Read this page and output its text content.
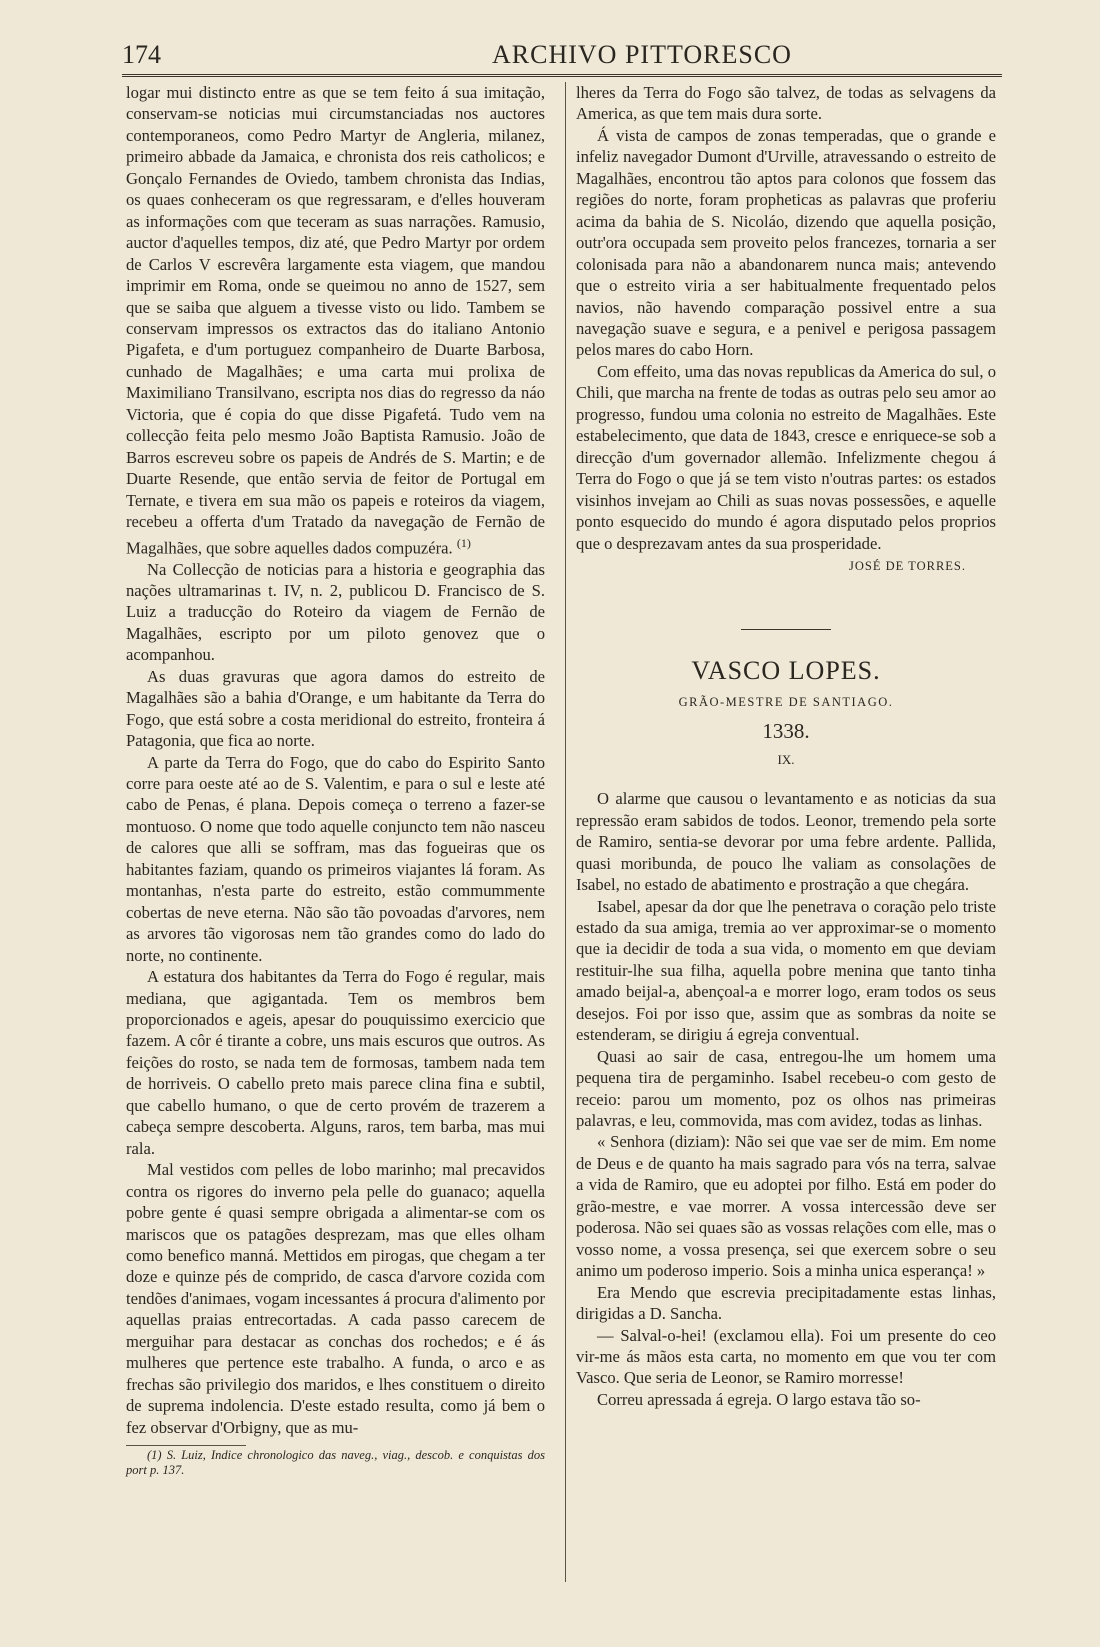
174	ARCHIVO PITTORESCO

logar mui distincto entre as que se tem feito á sua imitação, conservam-se noticias mui circumstanciadas nos auctores contemporaneos, como Pedro Martyr de Angleria, milanez, primeiro abbade da Jamaica, e chronista dos reis catholicos; e Gonçalo Fernandes de Oviedo, tambem chronista das Indias, os quaes conheceram os que regressaram, e d'elles houveram as informações com que teceram as suas narrações. Ramusio, auctor d'aquelles tempos, diz até, que Pedro Martyr por ordem de Carlos V escrevêra largamente esta viagem, que mandou imprimir em Roma, onde se queimou no anno de 1527, sem que se saiba que alguem a tivesse visto ou lido. Tambem se conservam impressos os extractos das do italiano Antonio Pigafeta, e d'um portuguez companheiro de Duarte Barbosa, cunhado de Magalhães; e uma carta mui prolixa de Maximiliano Transilvano, escripta nos dias do regresso da náo Victoria, que é copia do que disse Pigafetá. Tudo vem na collecção feita pelo mesmo João Baptista Ramusio. João de Barros escreveu sobre os papeis de Andrés de S. Martin; e de Duarte Resende, que então servia de feitor de Portugal em Ternate, e tivera em sua mão os papeis e roteiros da viagem, recebeu a offerta d'um Tratado da navegação de Fernão de Magalhães, que sobre aquelles dados compuzéra. $^{(1)}$

Na Collecção de noticias para a historia e geographia das nações ultramarinas t. IV, n. 2, publicou D. Francisco de S. Luiz a traducção do Roteiro da viagem de Fernão de Magalhães, escripto por um piloto genovez que o acompanhou.

As duas gravuras que agora damos do estreito de Magalhães são a bahia d'Orange, e um habitante da Terra do Fogo, que está sobre a costa meridional do estreito, fronteira á Patagonia, que fica ao norte.

A parte da Terra do Fogo, que do cabo do Espirito Santo corre para oeste até ao de S. Valentim, e para o sul e leste até cabo de Penas, é plana. Depois começa o terreno a fazer-se montuoso. O nome que todo aquelle conjuncto tem não nasceu de calores que alli se soffram, mas das fogueiras que os habitantes faziam, quando os primeiros viajantes lá foram. As montanhas, n'esta parte do estreito, estão commummente cobertas de neve eterna. Não são tão povoadas d'arvores, nem as arvores tão vigorosas nem tão grandes como do lado do norte, no continente.

A estatura dos habitantes da Terra do Fogo é regular, mais mediana, que agigantada. Tem os membros bem proporcionados e ageis, apesar do pouquissimo exercicio que fazem. A côr é tirante a cobre, uns mais escuros que outros. As feições do rosto, se nada tem de formosas, tambem nada tem de horriveis. O cabello preto mais parece clina fina e subtil, que cabello humano, o que de certo provém de trazerem a cabeça sempre descoberta. Alguns, raros, tem barba, mas mui rala.

Mal vestidos com pelles de lobo marinho; mal precavidos contra os rigores do inverno pela pelle do guanaco; aquella pobre gente é quasi sempre obrigada a alimentar-se com os mariscos que os patagões desprezam, mas que elles olham como benefico manná. Mettidos em pirogas, que chegam a ter doze e quinze pés de comprido, de casca d'arvore cozida com tendões d'animaes, vogam incessantes á procura d'alimento por aquellas praias entrecortadas. A cada passo carecem de merguihar para destacar as conchas dos rochedos; e é ás mulheres que pertence este trabalho. A funda, o arco e as frechas são privilegio dos maridos, e lhes constituem o direito de suprema indolencia. D'este estado resulta, como já bem o fez observar d'Orbigny, que as mu-

(1) S. Luiz, Indice chronologico das naveg., viag., descob. e conquistas dos port p. 137.

lheres da Terra do Fogo são talvez, de todas as selvagens da America, as que tem mais dura sorte.

Á vista de campos de zonas temperadas, que o grande e infeliz navegador Dumont d'Urville, atravessando o estreito de Magalhães, encontrou tão aptos para colonos que fossem das regiões do norte, foram propheticas as palavras que proferiu acima da bahia de S. Nicoláo, dizendo que aquella posição, outr'ora occupada sem proveito pelos francezes, tornaria a ser colonisada para não a abandonarem nunca mais; antevendo que o estreito viria a ser habitualmente frequentado pelos navios, não havendo comparação possivel entre a sua navegação suave e segura, e a penivel e perigosa passagem pelos mares do cabo Horn.

Com effeito, uma das novas republicas da America do sul, o Chili, que marcha na frente de todas as outras pelo seu amor ao progresso, fundou uma colonia no estreito de Magalhães. Este estabelecimento, que data de 1843, cresce e enriquece-se sob a direcção d'um governador allemão. Infelizmente chegou á Terra do Fogo o que já se tem visto n'outras partes: os estados visinhos invejam ao Chili as suas novas possessões, e aquelle ponto esquecido do mundo é agora disputado pelos proprios que o desprezavam antes da sua prosperidade.

JOSÉ DE TORRES.
VASCO LOPES.
GRÃO-MESTRE DE SANTIAGO.
1338.
IX.

O alarme que causou o levantamento e as noticias da sua repressão eram sabidos de todos. Leonor, tremendo pela sorte de Ramiro, sentia-se devorar por uma febre ardente. Pallida, quasi moribunda, de pouco lhe valiam as consolações de Isabel, no estado de abatimento e prostração a que chegára.

Isabel, apesar da dor que lhe penetrava o coração pelo triste estado da sua amiga, tremia ao ver approximar-se o momento que ia decidir de toda a sua vida, o momento em que deviam restituir-lhe sua filha, aquella pobre menina que tanto tinha amado beijal-a, abençoal-a e morrer logo, eram todos os seus desejos. Foi por isso que, assim que as sombras da noite se estenderam, se dirigiu á egreja conventual.

Quasi ao sair de casa, entregou-lhe um homem uma pequena tira de pergaminho. Isabel recebeu-o com gesto de receio: parou um momento, poz os olhos nas primeiras palavras, e leu, commovida, mas com avidez, todas as linhas.

« Senhora (diziam): Não sei que vae ser de mim. Em nome de Deus e de quanto ha mais sagrado para vós na terra, salvae a vida de Ramiro, que eu adoptei por filho. Está em poder do grão-mestre, e vae morrer. A vossa intercessão deve ser poderosa. Não sei quaes são as vossas relações com elle, mas o vosso nome, a vossa presença, sei que exercem sobre o seu animo um poderoso imperio. Sois a minha unica esperança! »

Era Mendo que escrevia precipitadamente estas linhas, dirigidas a D. Sancha.

— Salval-o-hei! (exclamou ella). Foi um presente do ceo vir-me ás mãos esta carta, no momento em que vou ter com Vasco. Que seria de Leonor, se Ramiro morresse!

Correu apressada á egreja. O largo estava tão so-
